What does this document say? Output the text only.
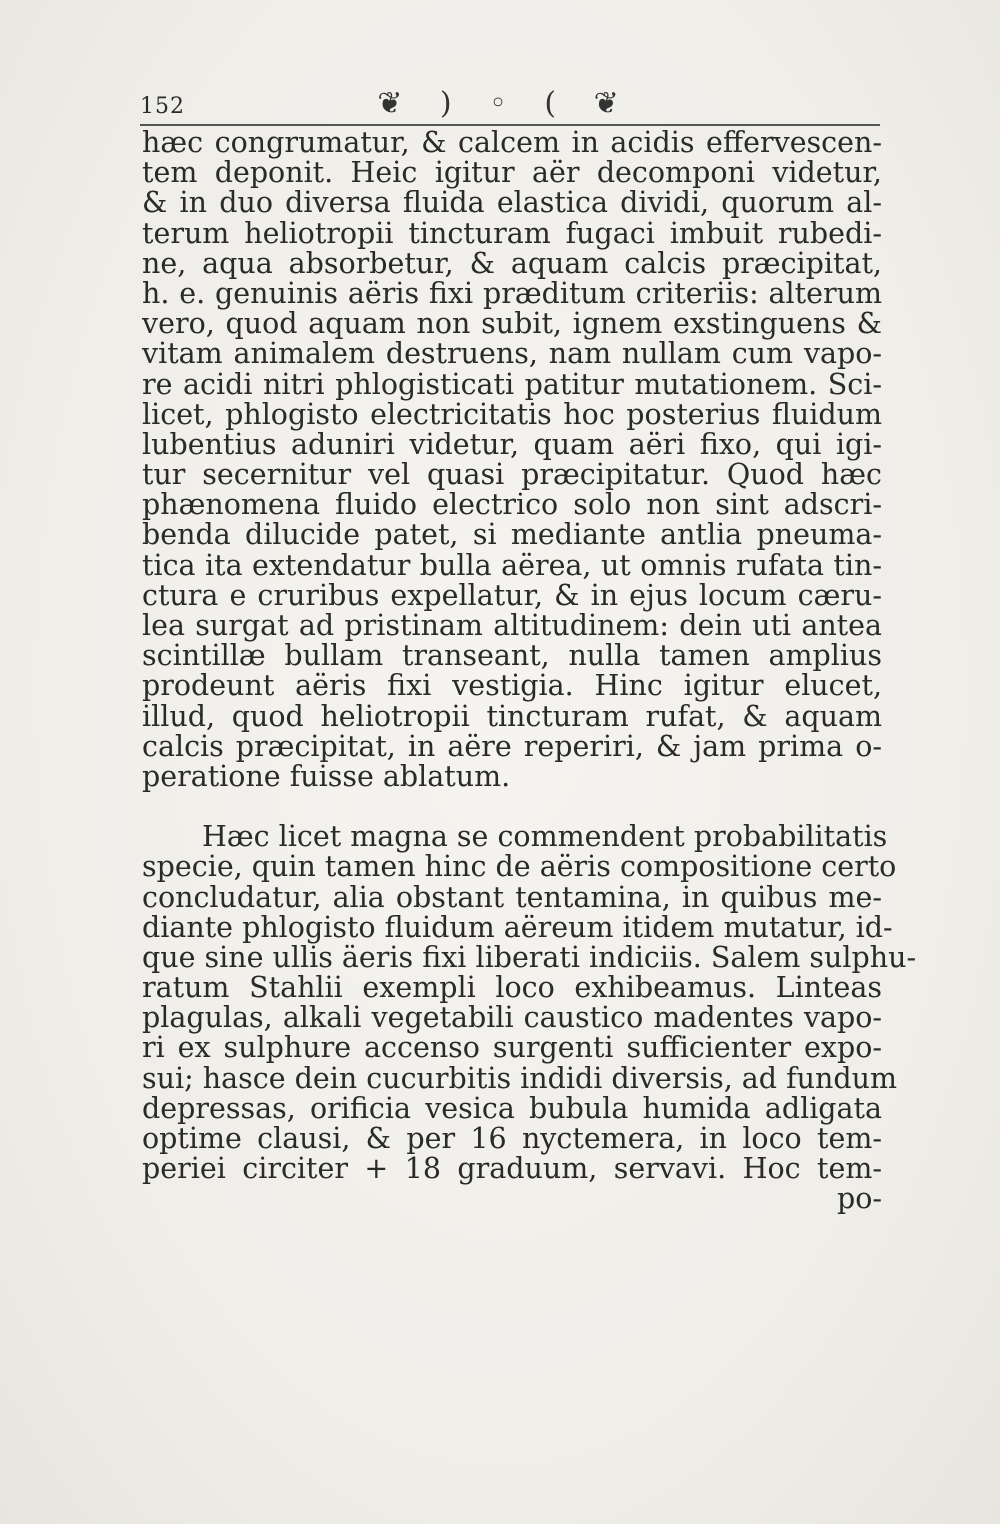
152	❦ ) ◦ ( ❦
hæc congrumatur, & calcem in acidis effervescen-
tem deponit. Heic igitur aër decomponi videtur,
& in duo diversa fluida elastica dividi, quorum al-
terum heliotropii tincturam fugaci imbuit rubedi-
ne, aqua absorbetur, & aquam calcis præcipitat,
h. e. genuinis aëris fixi præditum criteriis: alterum
vero, quod aquam non subit, ignem exstinguens &
vitam animalem destruens, nam nullam cum vapo-
re acidi nitri phlogisticati patitur mutationem. Sci-
licet, phlogisto electricitatis hoc posterius fluidum
lubentius aduniri videtur, quam aëri fixo, qui igi-
tur secernitur vel quasi præcipitatur. Quod hæc
phænomena fluido electrico solo non sint adscri-
benda dilucide patet, si mediante antlia pneuma-
tica ita extendatur bulla aërea, ut omnis rufata tin-
ctura e cruribus expellatur, & in ejus locum cæru-
lea surgat ad pristinam altitudinem: dein uti antea
scintillæ bullam transeant, nulla tamen amplius
prodeunt aëris fixi vestigia. Hinc igitur elucet,
illud, quod heliotropii tincturam rufat, & aquam
calcis præcipitat, in aëre reperiri, & jam prima o-
peratione fuisse ablatum.
Hæc licet magna se commendent probabilitatis
specie, quin tamen hinc de aëris compositione certo
concludatur, alia obstant tentamina, in quibus me-
diante phlogisto fluidum aëreum itidem mutatur, id-
que sine ullis äeris fixi liberati indiciis. Salem sulphu-
ratum Stahlii exempli loco exhibeamus. Linteas
plagulas, alkali vegetabili caustico madentes vapo-
ri ex sulphure accenso surgenti sufficienter expo-
sui; hasce dein cucurbitis indidi diversis, ad fundum
depressas, orificia vesica bubula humida adligata
optime clausi, & per 16 nyctemera, in loco tem-
periei circiter + 18 graduum, servavi. Hoc tem-
po-
